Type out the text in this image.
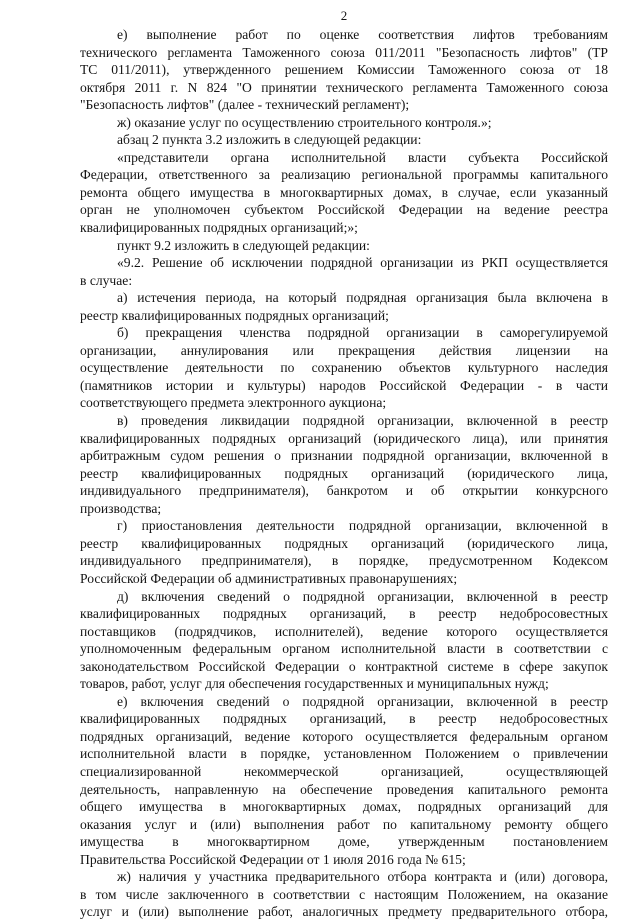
2
е) выполнение работ по оценке соответствия лифтов требованиям
технического регламента Таможенного союза 011/2011 "Безопасность лифтов" (ТР
ТС 011/2011), утвержденного решением Комиссии Таможенного союза от 18
октября 2011 г. N 824 "О принятии технического регламента Таможенного союза
"Безопасность лифтов" (далее - технический регламент);
ж) оказание услуг по осуществлению строительного контроля.»;
абзац 2 пункта 3.2 изложить в следующей редакции:
«представители органа исполнительной власти субъекта Российской
Федерации, ответственного за реализацию региональной программы капитального
ремонта общего имущества в многоквартирных домах, в случае, если указанный
орган не уполномочен субъектом Российской Федерации на ведение реестра
квалифицированных подрядных организаций;»;
пункт 9.2 изложить в следующей редакции:
«9.2. Решение об исключении подрядной организации из РКП осуществляется
в случае:
а) истечения периода, на который подрядная организация была включена в
реестр квалифицированных подрядных организаций;
б) прекращения членства подрядной организации в саморегулируемой
организации, аннулирования или прекращения действия лицензии на
осуществление деятельности по сохранению объектов культурного наследия
(памятников истории и культуры) народов Российской Федерации - в части
соответствующего предмета электронного аукциона;
в) проведения ликвидации подрядной организации, включенной в реестр
квалифицированных подрядных организаций (юридического лица), или принятия
арбитражным судом решения о признании подрядной организации, включенной в
реестр квалифицированных подрядных организаций (юридического лица,
индивидуального предпринимателя), банкротом и об открытии конкурсного
производства;
г) приостановления деятельности подрядной организации, включенной в
реестр квалифицированных подрядных организаций (юридического лица,
индивидуального предпринимателя), в порядке, предусмотренном Кодексом
Российской Федерации об административных правонарушениях;
д) включения сведений о подрядной организации, включенной в реестр
квалифицированных подрядных организаций, в реестр недобросовестных
поставщиков (подрядчиков, исполнителей), ведение которого осуществляется
уполномоченным федеральным органом исполнительной власти в соответствии с
законодательством Российской Федерации о контрактной системе в сфере закупок
товаров, работ, услуг для обеспечения государственных и муниципальных нужд;
е) включения сведений о подрядной организации, включенной в реестр
квалифицированных подрядных организаций, в реестр недобросовестных
подрядных организаций, ведение которого осуществляется федеральным органом
исполнительной власти в порядке, установленном Положением о привлечении
специализированной некоммерческой организацией, осуществляющей
деятельность, направленную на обеспечение проведения капитального ремонта
общего имущества в многоквартирных домах, подрядных организаций для
оказания услуг и (или) выполнения работ по капитальному ремонту общего
имущества в многоквартирном доме, утвержденным постановлением
Правительства Российской Федерации от 1 июля 2016 года № 615;
ж) наличия у участника предварительного отбора контракта и (или) договора,
в том числе заключенного в соответствии с настоящим Положением, на оказание
услуг и (или) выполнение работ, аналогичных предмету предварительного отбора,
